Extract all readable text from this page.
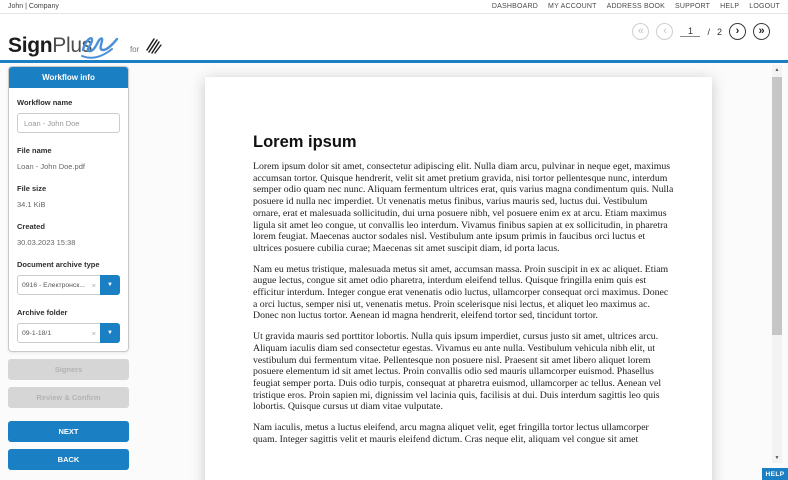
John | Company	DASHBOARD MY ACCOUNT ADDRESS BOOK SUPPORT HELP LOGOUT
Sign Plus	for
« ‹
1	/ 2 › »
Workflow info
Workflow name
Loan - John Doe
File name
Loan - John Doe.pdf
File size
34.1 KiB
Created
30.03.2023 15:38
Document archive type
0916 - Електронск... × ▼
Archive folder
09-1-18/1	× ▼
Signers
Review & Confirm
NEXT
BACK
Lorem ipsum

Lorem ipsum dolor sit amet, consectetur adipiscing elit. Nulla diam arcu, pulvinar in neque eget, maximus accumsan tortor. Quisque hendrerit, velit sit amet pretium gravida, nisi tortor pellentesque nunc, interdum semper odio quam nec nunc. Aliquam fermentum ultrices erat, quis varius magna condimentum quis. Nulla posuere id nulla nec imperdiet. Ut venenatis metus finibus, varius mauris sed, luctus dui. Vestibulum ornare, erat et malesuada sollicitudin, dui urna posuere nibh, vel posuere enim ex at arcu. Etiam maximus ligula sit amet leo congue, ut convallis leo interdum. Vivamus finibus sapien at ex sollicitudin, in pharetra lorem feugiat. Maecenas auctor sodales nisl. Vestibulum ante ipsum primis in faucibus orci luctus et ultrices posuere cubilia curae; Maecenas sit amet suscipit diam, id porta lacus.

Nam eu metus tristique, malesuada metus sit amet, accumsan massa. Proin suscipit in ex ac aliquet. Etiam augue lectus, congue sit amet odio pharetra, interdum eleifend tellus. Quisque fringilla enim quis est efficitur interdum. Integer congue erat venenatis odio luctus, ullamcorper consequat orci maximus. Donec a orci luctus, semper nisi ut, venenatis metus. Proin scelerisque nisi lectus, et aliquet leo maximus ac. Donec non luctus tortor. Aenean id magna hendrerit, eleifend tortor sed, tincidunt tortor.

Ut gravida mauris sed porttitor lobortis. Nulla quis ipsum imperdiet, cursus justo sit amet, ultrices arcu. Aliquam iaculis diam sed consectetur egestas. Vivamus eu ante nulla. Vestibulum vehicula nibh elit, ut vestibulum dui fermentum vitae. Pellentesque non posuere nisl. Praesent sit amet libero aliquet lorem posuere elementum id sit amet lectus. Proin convallis odio sed mauris ullamcorper euismod. Phasellus feugiat semper porta. Duis odio turpis, consequat at pharetra euismod, ullamcorper ac tellus. Aenean vel tristique eros. Proin sapien mi, dignissim vel lacinia quis, facilisis at dui. Duis interdum sagittis leo quis lobortis. Quisque cursus ut diam vitae vulputate.

Nam iaculis, metus a luctus eleifend, arcu magna aliquet velit, eget fringilla tortor lectus ullamcorper quam. Integer sagittis velit et mauris eleifend dictum. Cras neque elit, aliquam vel congue sit amet

▲
▼
HELP
